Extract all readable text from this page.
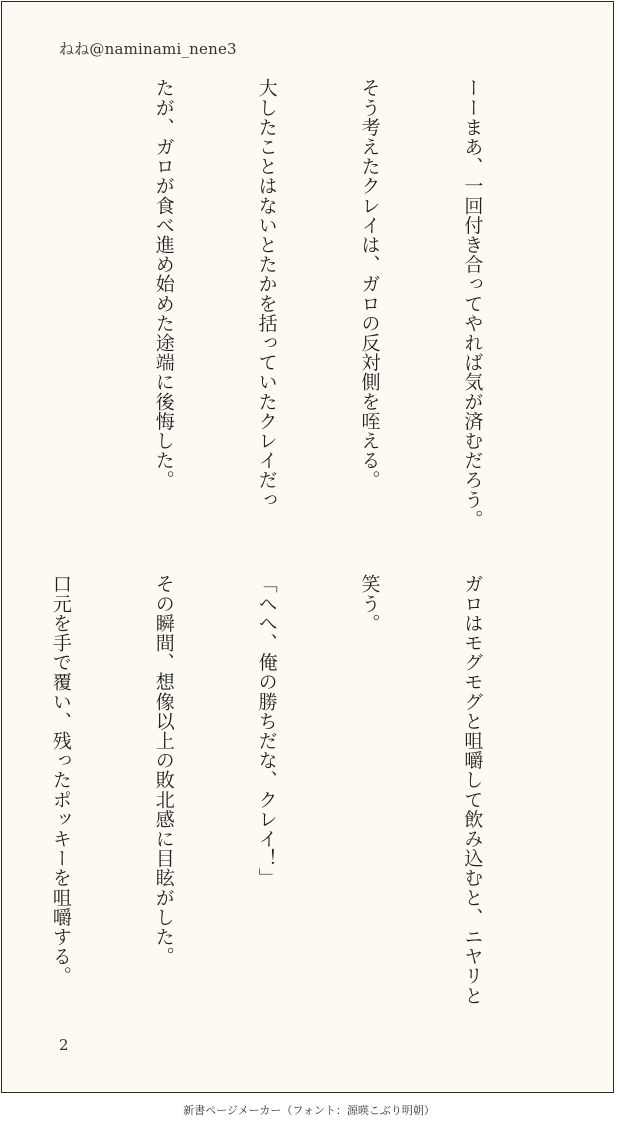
ねね@naminami_nene3

ーーまあ、一回付き合ってやれば気が済むだろう。

そう考えたクレイは、ガロの反対側を咥える。

大したことはないとたかを括っていたクレイだっ

たが、ガロが食べ進め始めた途端に後悔した。

ガロはモグモグと咀嚼して飲み込むと、ニヤリと

笑う。

「へへ、俺の勝ちだな、クレイ！」

その瞬間、想像以上の敗北感に目眩がした。

口元を手で覆い、残ったポッキーを咀嚼する。

2
新書ページメーカー（フォント：源暎こぶり明朝）
